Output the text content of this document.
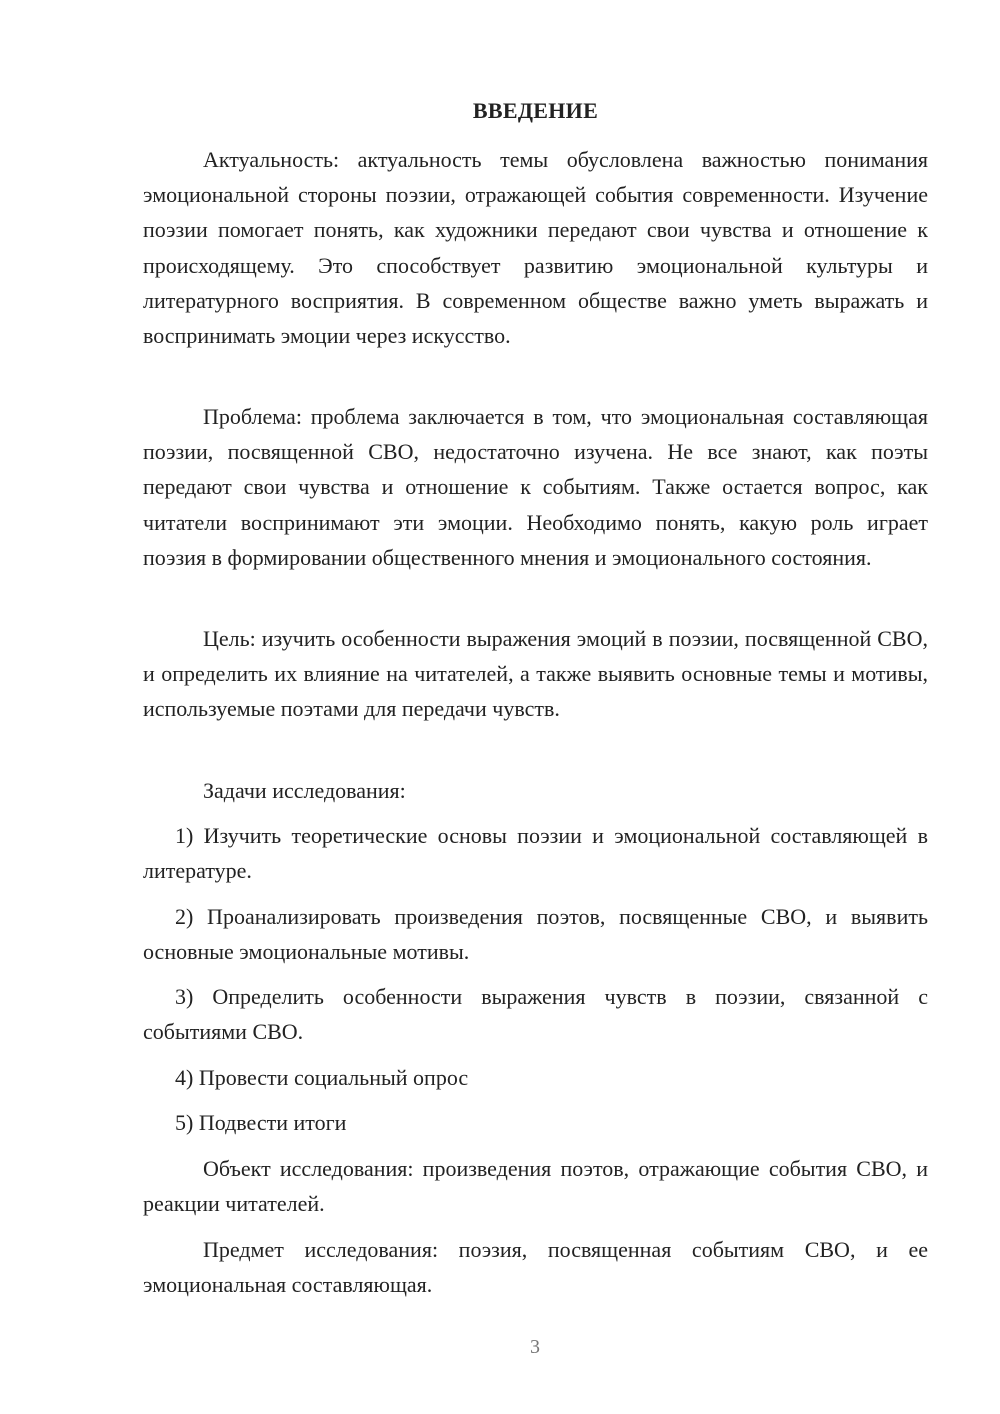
ВВЕДЕНИЕ

Актуальность: актуальность темы обусловлена важностью понимания эмоциональной стороны поэзии, отражающей события современности. Изучение поэзии помогает понять, как художники передают свои чувства и отношение к происходящему. Это способствует развитию эмоциональной культуры и литературного восприятия. В современном обществе важно уметь выражать и воспринимать эмоции через искусство.

Проблема: проблема заключается в том, что эмоциональная составляющая поэзии, посвященной СВО, недостаточно изучена. Не все знают, как поэты передают свои чувства и отношение к событиям. Также остается вопрос, как читатели воспринимают эти эмоции. Необходимо понять, какую роль играет поэзия в формировании общественного мнения и эмоционального состояния.

Цель: изучить особенности выражения эмоций в поэзии, посвященной СВО, и определить их влияние на читателей, а также выявить основные темы и мотивы, используемые поэтами для передачи чувств.

Задачи исследования:

1) Изучить теоретические основы поэзии и эмоциональной составляющей в литературе.

2) Проанализировать произведения поэтов, посвященные СВО, и выявить основные эмоциональные мотивы.

3) Определить особенности выражения чувств в поэзии, связанной с событиями СВО.

4) Провести социальный опрос

5) Подвести итоги

Объект исследования: произведения поэтов, отражающие события СВО, и реакции читателей.

Предмет исследования: поэзия, посвященная событиям СВО, и ее эмоциональная составляющая.

3
